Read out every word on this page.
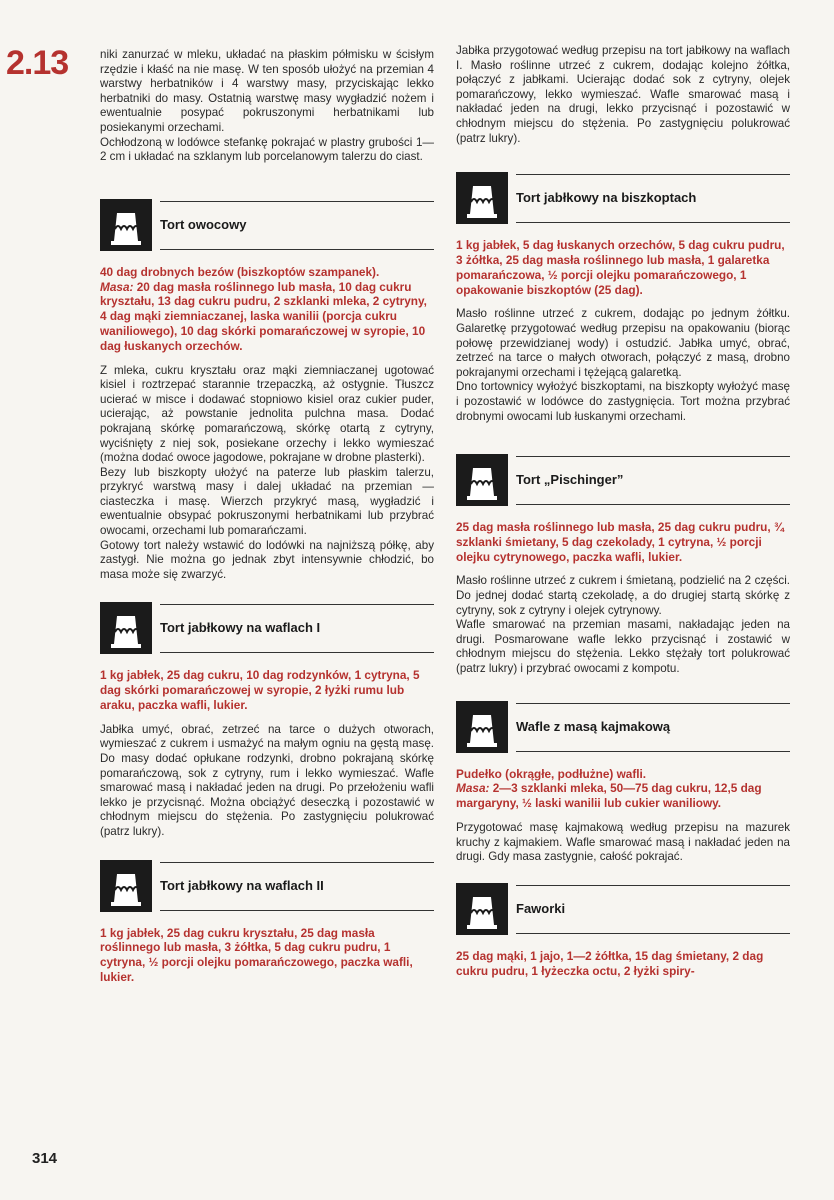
2.13	niki zanurzać w mleku, układać na płaskim półmisku w ścisłym rzędzie i kłaść na nie masę. W ten sposób ułożyć na przemian 4 warstwy herbatników i 4 warstwy masy, przyciskając lekko herbatniki do masy. Ostatnią warstwę masy wygładzić nożem i ewentualnie posypać pokruszonymi herbatnikami lub posiekanymi orzechami.

Ochłodzoną w lodówce stefankę pokrajać w plastry grubości 1—2 cm i układać na szklanym lub porcelanowym talerzu do ciast.

Tort owocowy

40 dag drobnych bezów (biszkoptów szampanek).
Masa: 20 dag masła roślinnego lub masła, 10 dag cukru kryształu, 13 dag cukru pudru, 2 szklanki mleka, 2 cytryny, 4 dag mąki ziemniaczanej, laska wanilii (porcja cukru waniliowego), 10 dag skórki pomarańczowej w syropie, 10 dag łuskanych orzechów.

Z mleka, cukru kryształu oraz mąki ziemniaczanej ugotować kisiel i roztrzepać starannie trzepaczką, aż ostygnie. Tłuszcz ucierać w misce i dodawać stopniowo kisiel oraz cukier puder, ucierając, aż powstanie jednolita pulchna masa. Dodać pokrajaną skórkę pomarańczową, skórkę otartą z cytryny, wyciśnięty z niej sok, posiekane orzechy i lekko wymieszać (można dodać owoce jagodowe, pokrajane w drobne plasterki).

Bezy lub biszkopty ułożyć na paterze lub płaskim talerzu, przykryć warstwą masy i dalej układać na przemian — ciasteczka i masę. Wierzch przykryć masą, wygładzić i ewentualnie obsypać pokruszonymi herbatnikami lub przybrać owocami, orzechami lub pomarańczami.

Gotowy tort należy wstawić do lodówki na najniższą półkę, aby zastygł. Nie można go jednak zbyt intensywnie chłodzić, bo masa może się zwarzyć.

Tort jabłkowy na waflach I

1 kg jabłek, 25 dag cukru, 10 dag rodzynków, 1 cytryna, 5 dag skórki pomarańczowej w syropie, 2 łyżki rumu lub araku, paczka wafli, lukier.

Jabłka umyć, obrać, zetrzeć na tarce o dużych otworach, wymieszać z cukrem i usmażyć na małym ogniu na gęstą masę. Do masy dodać opłukane rodzynki, drobno pokrajaną skórkę pomarańczową, sok z cytryny, rum i lekko wymieszać. Wafle smarować masą i nakładać jeden na drugi. Po przełożeniu wafli lekko je przycisnąć. Można obciążyć deseczką i pozostawić w chłodnym miejscu do stężenia. Po zastygnięciu polukrować (patrz lukry).

Tort jabłkowy na waflach II

1 kg jabłek, 25 dag cukru kryształu, 25 dag masła roślinnego lub masła, 3 żółtka, 5 dag cukru pudru, 1 cytryna, ½ porcji olejku pomarańczowego, paczka wafli, lukier.

Jabłka przygotować według przepisu na tort jabłkowy na waflach I. Masło roślinne utrzeć z cukrem, dodając kolejno żółtka, połączyć z jabłkami. Ucierając dodać sok z cytryny, olejek pomarańczowy, lekko wymieszać. Wafle smarować masą i nakładać jeden na drugi, lekko przycisnąć i pozostawić w chłodnym miejscu do stężenia. Po zastygnięciu polukrować (patrz lukry).

Tort jabłkowy na biszkoptach

1 kg jabłek, 5 dag łuskanych orzechów, 5 dag cukru pudru, 3 żółtka, 25 dag masła roślinnego lub masła, 1 galaretka pomarańczowa, ½ porcji olejku pomarańczowego, 1 opakowanie biszkoptów (25 dag).

Masło roślinne utrzeć z cukrem, dodając po jednym żółtku. Galaretkę przygotować według przepisu na opakowaniu (biorąc połowę przewidzianej wody) i ostudzić. Jabłka umyć, obrać, zetrzeć na tarce o małych otworach, połączyć z masą, drobno pokrajanymi orzechami i tężejącą galaretką.

Dno tortownicy wyłożyć biszkoptami, na biszkopty wyłożyć masę i pozostawić w lodówce do zastygnięcia. Tort można przybrać drobnymi owocami lub łuskanymi orzechami.

Tort „Pischinger”

25 dag masła roślinnego lub masła, 25 dag cukru pudru, ¾ szklanki śmietany, 5 dag czekolady, 1 cytryna, ½ porcji olejku cytrynowego, paczka wafli, lukier.

Masło roślinne utrzeć z cukrem i śmietaną, podzielić na 2 części. Do jednej dodać startą czekoladę, a do drugiej startą skórkę z cytryny, sok z cytryny i olejek cytrynowy.

Wafle smarować na przemian masami, nakładając jeden na drugi. Posmarowane wafle lekko przycisnąć i zostawić w chłodnym miejscu do stężenia. Lekko stężały tort polukrować (patrz lukry) i przybrać owocami z kompotu.

Wafle z masą kajmakową

Pudełko (okrągłe, podłużne) wafli.
Masa: 2—3 szklanki mleka, 50—75 dag cukru, 12,5 dag margaryny, ½ laski wanilii lub cukier waniliowy.

Przygotować masę kajmakową według przepisu na mazurek kruchy z kajmakiem. Wafle smarować masą i nakładać jeden na drugi. Gdy masa zastygnie, całość pokrajać.

Faworki

25 dag mąki, 1 jajo, 1—2 żółtka, 15 dag śmietany, 2 dag cukru pudru, 1 łyżeczka octu, 2 łyżki spiry-

314
